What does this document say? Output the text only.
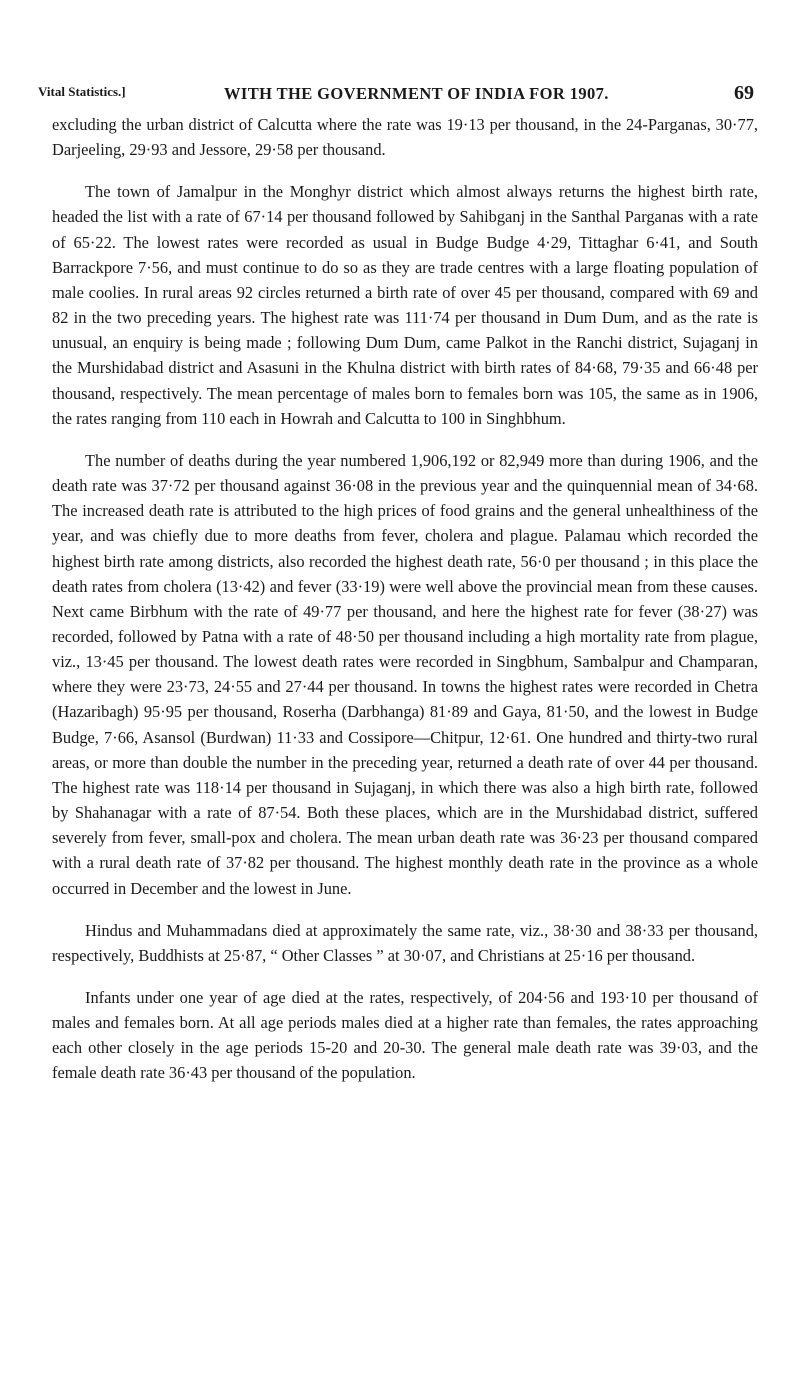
Vital Statistics.]	WITH THE GOVERNMENT OF INDIA FOR 1907.	69

excluding the urban district of Calcutta where the rate was 19·13 per thousand, in the 24-Parganas, 30·77, Darjeeling, 29·93 and Jessore, 29·58 per thousand.

The town of Jamalpur in the Monghyr district which almost always returns the highest birth rate, headed the list with a rate of 67·14 per thousand followed by Sahibganj in the Santhal Parganas with a rate of 65·22. The lowest rates were recorded as usual in Budge Budge 4·29, Tittaghar 6·41, and South Barrackpore 7·56, and must continue to do so as they are trade centres with a large floating population of male coolies. In rural areas 92 circles returned a birth rate of over 45 per thousand, compared with 69 and 82 in the two preceding years. The highest rate was 111·74 per thousand in Dum Dum, and as the rate is unusual, an enquiry is being made ; following Dum Dum, came Palkot in the Ranchi district, Sujaganj in the Murshidabad district and Asasuni in the Khulna district with birth rates of 84·68, 79·35 and 66·48 per thousand, respectively. The mean percentage of males born to females born was 105, the same as in 1906, the rates ranging from 110 each in Howrah and Calcutta to 100 in Singhbhum.

The number of deaths during the year numbered 1,906,192 or 82,949 more than during 1906, and the death rate was 37·72 per thousand against 36·08 in the previous year and the quinquennial mean of 34·68. The increased death rate is attributed to the high prices of food grains and the general unhealthiness of the year, and was chiefly due to more deaths from fever, cholera and plague. Palamau which recorded the highest birth rate among districts, also recorded the highest death rate, 56·0 per thousand ; in this place the death rates from cholera (13·42) and fever (33·19) were well above the provincial mean from these causes. Next came Birbhum with the rate of 49·77 per thousand, and here the highest rate for fever (38·27) was recorded, followed by Patna with a rate of 48·50 per thousand including a high mortality rate from plague, viz., 13·45 per thousand. The lowest death rates were recorded in Singbhum, Sambalpur and Champaran, where they were 23·73, 24·55 and 27·44 per thousand. In towns the highest rates were recorded in Chetra (Hazaribagh) 95·95 per thousand, Roserha (Darbhanga) 81·89 and Gaya, 81·50, and the lowest in Budge Budge, 7·66, Asansol (Burdwan) 11·33 and Cossipore—Chitpur, 12·61. One hundred and thirty-two rural areas, or more than double the number in the preceding year, returned a death rate of over 44 per thousand. The highest rate was 118·14 per thousand in Sujaganj, in which there was also a high birth rate, followed by Shahanagar with a rate of 87·54. Both these places, which are in the Murshidabad district, suffered severely from fever, small-pox and cholera. The mean urban death rate was 36·23 per thousand compared with a rural death rate of 37·82 per thousand. The highest monthly death rate in the province as a whole occurred in December and the lowest in June.

Hindus and Muhammadans died at approximately the same rate, viz., 38·30 and 38·33 per thousand, respectively, Buddhists at 25·87, “ Other Classes ” at 30·07, and Christians at 25·16 per thousand.

Infants under one year of age died at the rates, respectively, of 204·56 and 193·10 per thousand of males and females born. At all age periods males died at a higher rate than females, the rates approaching each other closely in the age periods 15-20 and 20-30. The general male death rate was 39·03, and the female death rate 36·43 per thousand of the population.
